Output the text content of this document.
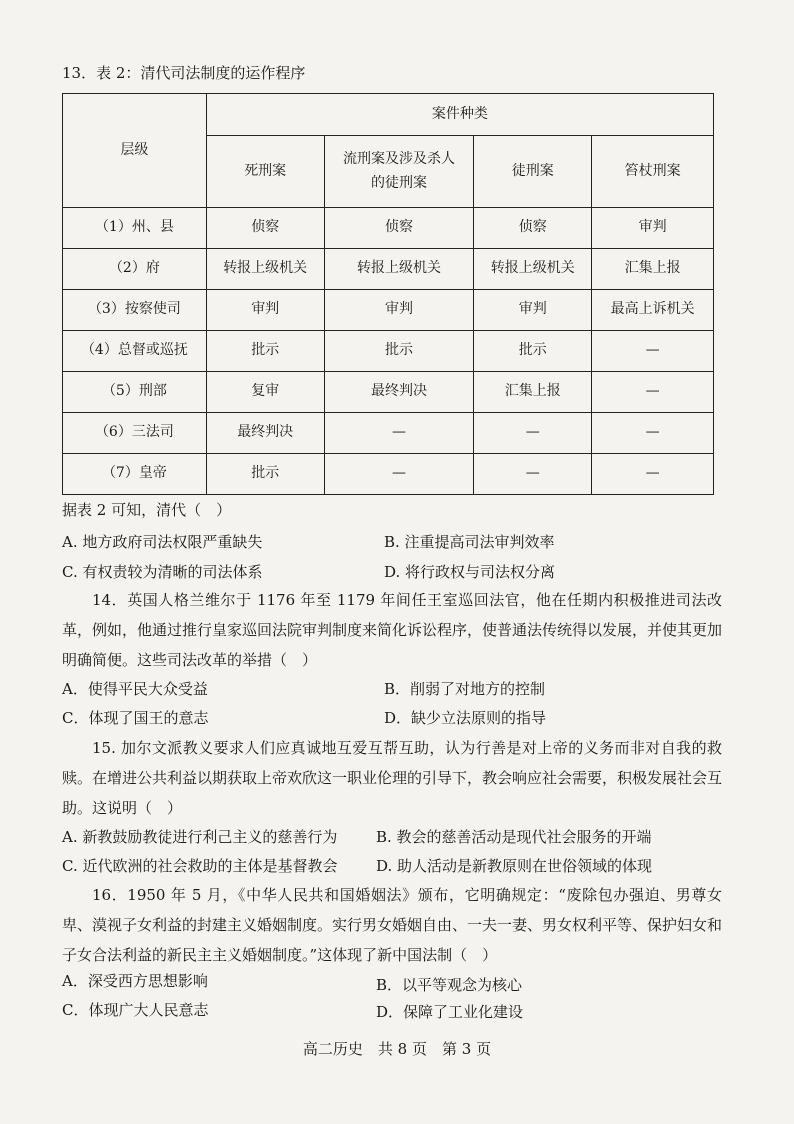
13．表 2：清代司法制度的运作程序
层级	案件种类			
	死刑案	流刑案及涉及杀人的徒刑案	徒刑案	笞杖刑案
（1）州、县	侦察	侦察	侦察	审判
（2）府	转报上级机关	转报上级机关	转报上级机关	汇集上报
（3）按察使司	审判	审判	审判	最高上诉机关
（4）总督或巡抚	批示	批示	批示	—
（5）刑部	复审	最终判决	汇集上报	—
（6）三法司	最终判决	—	—	—
（7）皇帝	批示	—	—	—
据表 2 可知，清代（　）
A. 地方政府司法权限严重缺失	B. 注重提高司法审判效率
C. 有权责较为清晰的司法体系	D. 将行政权与司法权分离
14．英国人格兰维尔于 1176 年至 1179 年间任王室巡回法官，他在任期内积极推进司法改革，例如，他通过推行皇家巡回法院审判制度来简化诉讼程序，使普通法传统得以发展，并使其更加明确简便。这些司法改革的举措（　）
A．使得平民大众受益	B．削弱了对地方的控制
C．体现了国王的意志	D．缺少立法原则的指导
15. 加尔文派教义要求人们应真诚地互爱互帮互助，认为行善是对上帝的义务而非对自我的救赎。在增进公共利益以期获取上帝欢欣这一职业伦理的引导下，教会响应社会需要，积极发展社会互助。这说明（　）
A. 新教鼓励教徒进行利己主义的慈善行为	B. 教会的慈善活动是现代社会服务的开端
C. 近代欧洲的社会救助的主体是基督教会	D. 助人活动是新教原则在世俗领域的体现
16．1950 年 5 月，《中华人民共和国婚姻法》颁布，它明确规定：“废除包办强迫、男尊女卑、漠视子女利益的封建主义婚姻制度。实行男女婚姻自由、一夫一妻、男女权利平等、保护妇女和子女合法利益的新民主主义婚姻制度。”这体现了新中国法制（　）
A．深受西方思想影响	B．以平等观念为核心
C．体现广大人民意志	D．保障了工业化建设
高二历史　共 8 页　第 3 页
